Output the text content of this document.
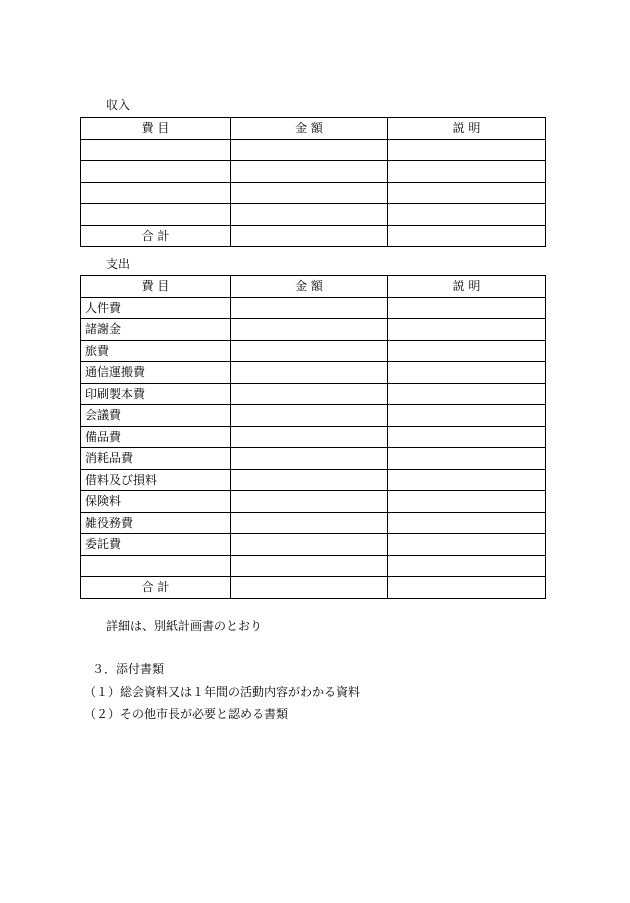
収入
費 目	金 額	説 明

合 計		
支出
費 目	金 額	説 明
人件費		
諸謝金		
旅費		
通信運搬費		
印刷製本費		
会議費		
備品費		
消耗品費		
借料及び損料		
保険料		
雑役務費		
委託費		

合 計		
詳細は、別紙計画書のとおり
３．添付書類
（１）総会資料又は１年間の活動内容がわかる資料
（２）その他市長が必要と認める書類
